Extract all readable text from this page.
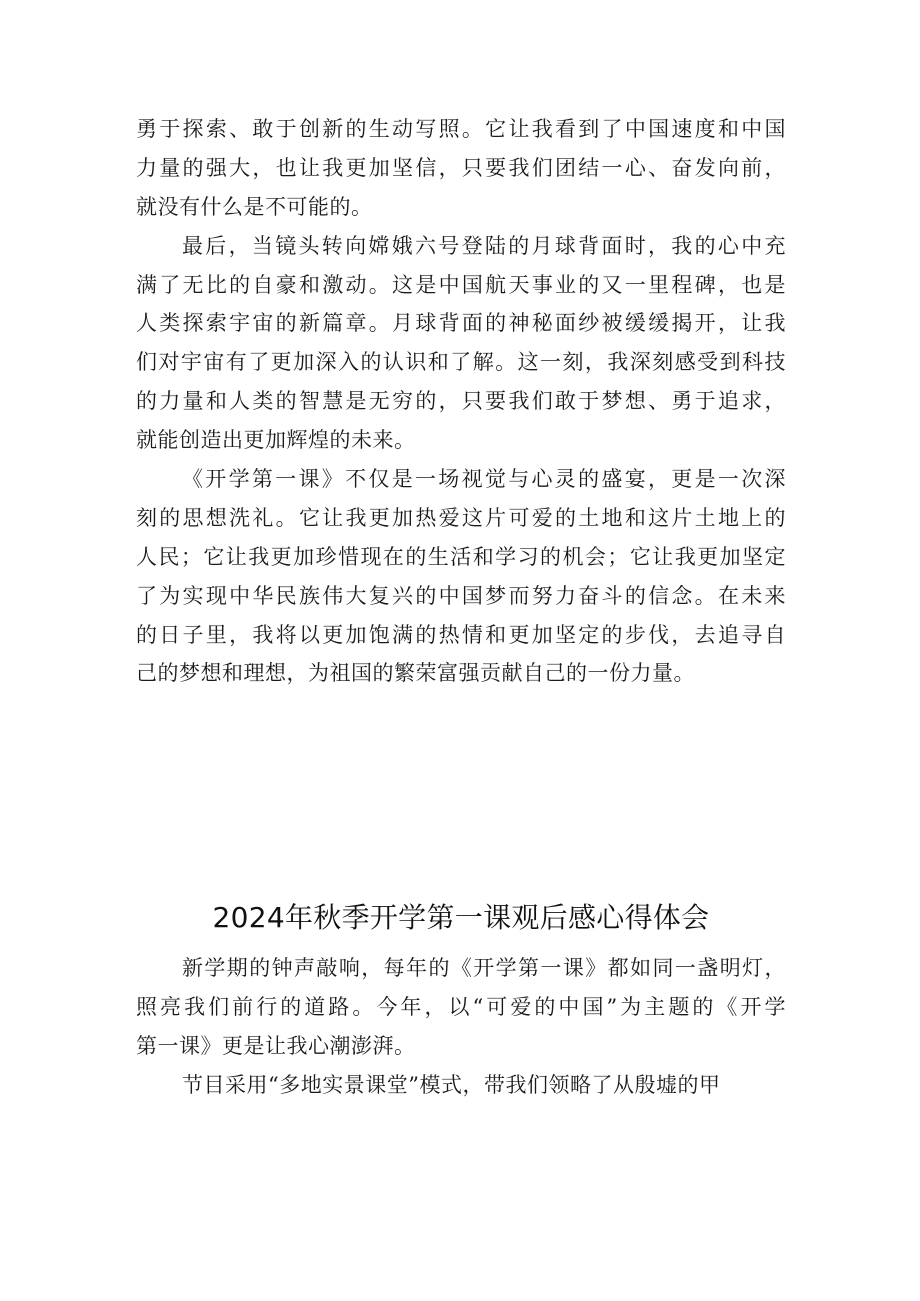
勇于探索、敢于创新的生动写照。它让我看到了中国速度和中国
力量的强大，也让我更加坚信，只要我们团结一心、奋发向前，
就没有什么是不可能的。
最后，当镜头转向嫦娥六号登陆的月球背面时，我的心中充
满了无比的自豪和激动。这是中国航天事业的又一里程碑，也是
人类探索宇宙的新篇章。月球背面的神秘面纱被缓缓揭开，让我
们对宇宙有了更加深入的认识和了解。这一刻，我深刻感受到科技
的力量和人类的智慧是无穷的，只要我们敢于梦想、勇于追求，
就能创造出更加辉煌的未来。
《开学第一课》不仅是一场视觉与心灵的盛宴，更是一次深
刻的思想洗礼。它让我更加热爱这片可爱的土地和这片土地上的
人民；它让我更加珍惜现在的生活和学习的机会；它让我更加坚定
了为实现中华民族伟大复兴的中国梦而努力奋斗的信念。在未来
的日子里，我将以更加饱满的热情和更加坚定的步伐，去追寻自
己的梦想和理想，为祖国的繁荣富强贡献自己的一份力量。
2024年秋季开学第一课观后感心得体会
新学期的钟声敲响，每年的《开学第一课》都如同一盏明灯，
照亮我们前行的道路。今年，以“可爱的中国”为主题的《开学
第一课》更是让我心潮澎湃。
节目采用“多地实景课堂”模式，带我们领略了从殷墟的甲
